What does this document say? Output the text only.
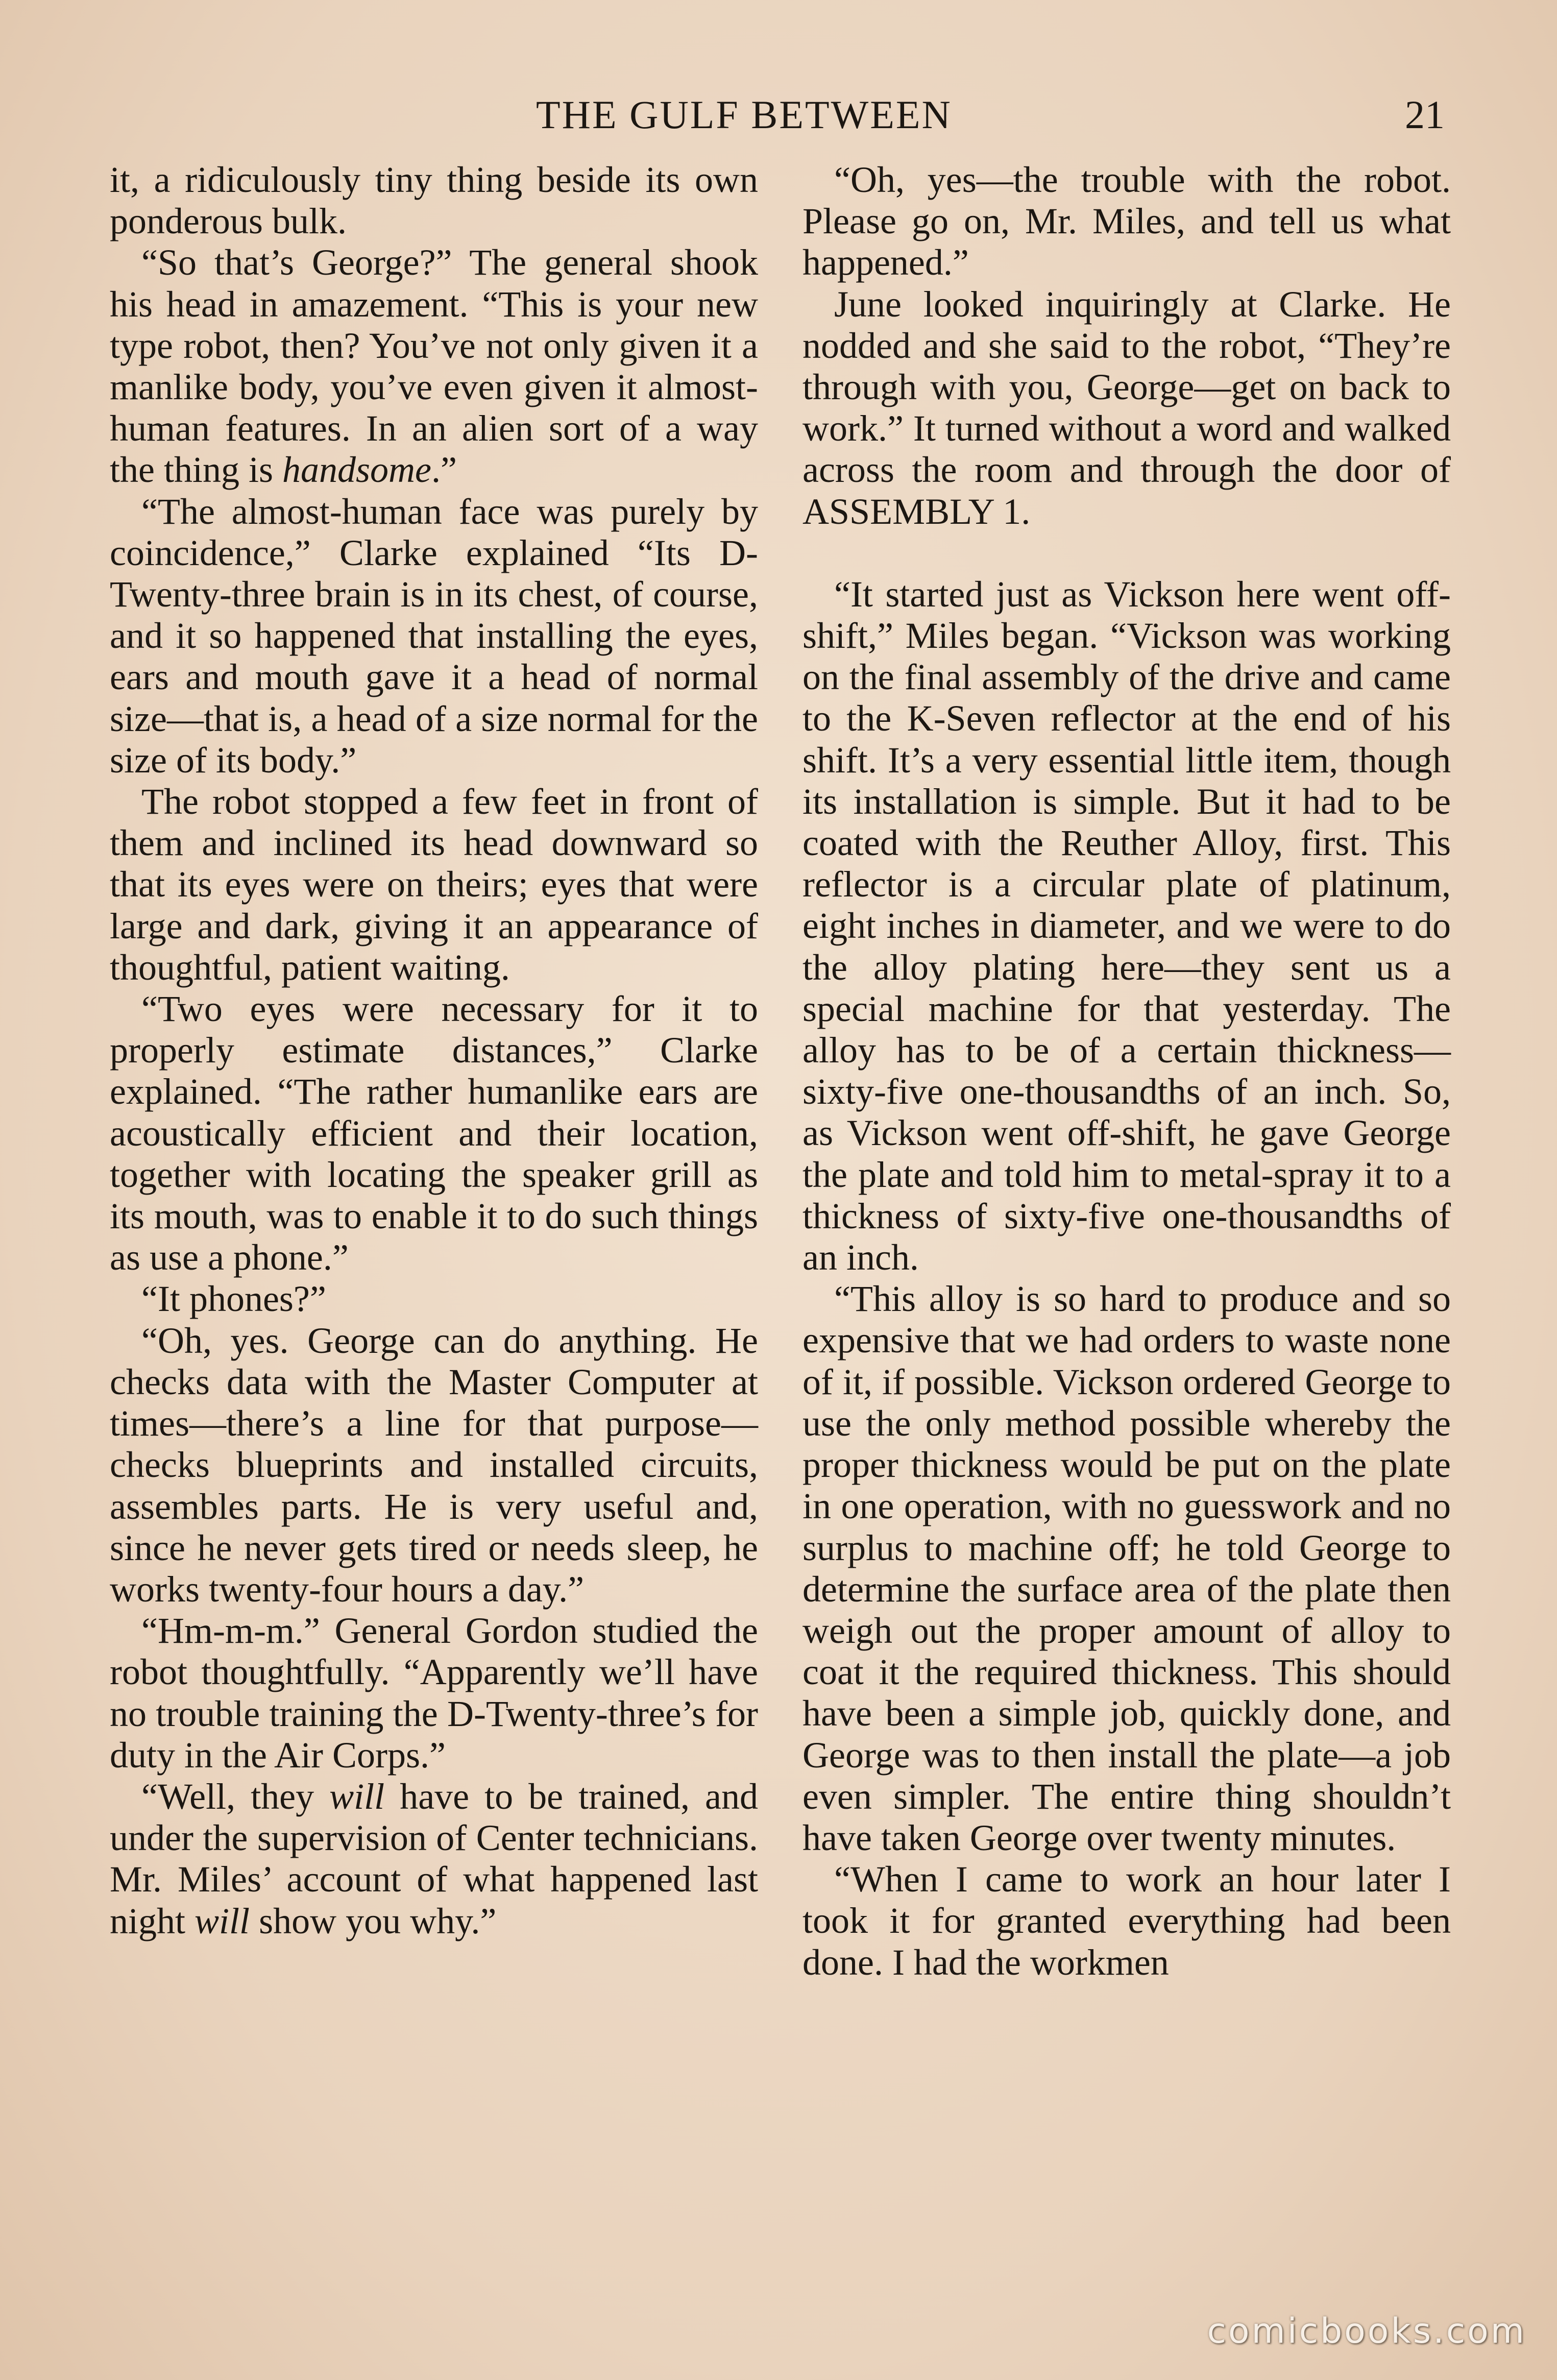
THE GULF BETWEEN	21

it, a ridiculously tiny thing beside its own ponderous bulk.

“So that’s George?” The general shook his head in amazement. “This is your new type robot, then? You’ve not only given it a manlike body, you’ve even given it almost-human features. In an alien sort of a way the thing is handsome.”

“The almost-human face was purely by coincidence,” Clarke explained “Its D-Twenty-three brain is in its chest, of course, and it so happened that installing the eyes, ears and mouth gave it a head of normal size—that is, a head of a size normal for the size of its body.”

The robot stopped a few feet in front of them and inclined its head downward so that its eyes were on theirs; eyes that were large and dark, giving it an appearance of thoughtful, patient waiting.

“Two eyes were necessary for it to properly estimate distances,” Clarke explained. “The rather humanlike ears are acoustically efficient and their location, together with locating the speaker grill as its mouth, was to enable it to do such things as use a phone.”

“It phones?”

“Oh, yes. George can do anything. He checks data with the Master Computer at times—there’s a line for that purpose—checks blueprints and installed circuits, assembles parts. He is very useful and, since he never gets tired or needs sleep, he works twenty-four hours a day.”

“Hm-m-m.” General Gordon studied the robot thoughtfully. “Apparently we’ll have no trouble training the D-Twenty-three’s for duty in the Air Corps.”

“Well, they will have to be trained, and under the supervision of Center technicians. Mr. Miles’ account of what happened last night will show you why.”

“Oh, yes—the trouble with the robot. Please go on, Mr. Miles, and tell us what happened.”

June looked inquiringly at Clarke. He nodded and she said to the robot, “They’re through with you, George—get on back to work.” It turned without a word and walked across the room and through the door of ASSEMBLY 1.

“It started just as Vickson here went off-shift,” Miles began. “Vickson was working on the final assembly of the drive and came to the K-Seven reflector at the end of his shift. It’s a very essential little item, though its installation is simple. But it had to be coated with the Reuther Alloy, first. This reflector is a circular plate of platinum, eight inches in diameter, and we were to do the alloy plating here—they sent us a special machine for that yesterday. The alloy has to be of a certain thickness—sixty-five one-thousandths of an inch. So, as Vickson went off-shift, he gave George the plate and told him to metal-spray it to a thickness of sixty-five one-thousandths of an inch.

“This alloy is so hard to produce and so expensive that we had orders to waste none of it, if possible. Vickson ordered George to use the only method possible whereby the proper thickness would be put on the plate in one operation, with no guesswork and no surplus to machine off; he told George to determine the surface area of the plate then weigh out the proper amount of alloy to coat it the required thickness. This should have been a simple job, quickly done, and George was to then install the plate—a job even simpler. The entire thing shouldn’t have taken George over twenty minutes.

“When I came to work an hour later I took it for granted everything had been done. I had the workmen

comicbooks.com
